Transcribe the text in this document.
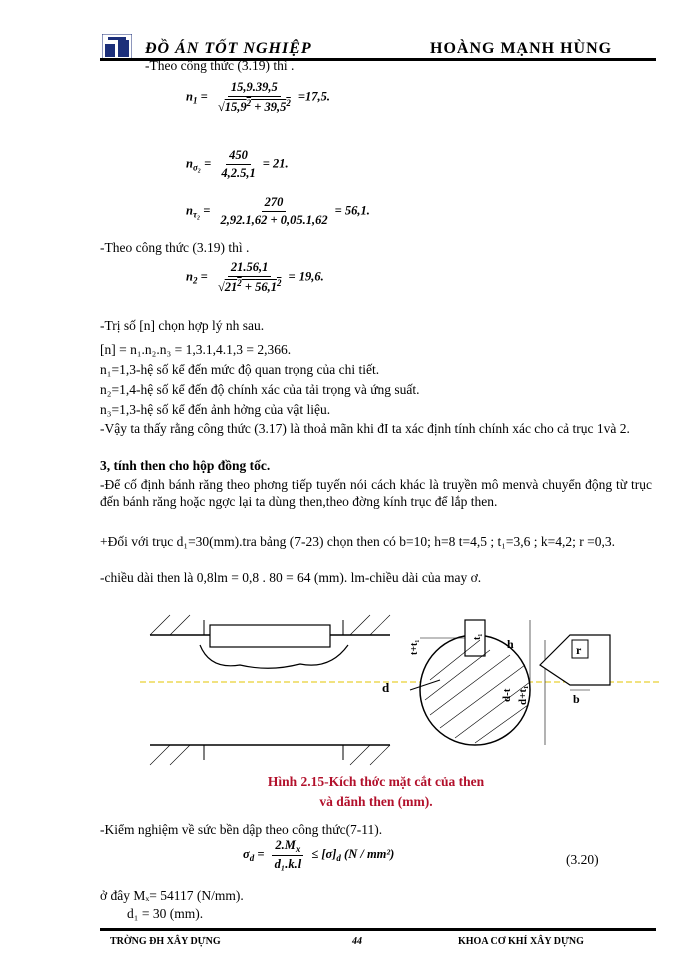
ĐỒ ÁN TỐT NGHIỆP	HOÀNG MẠNH HÙNG
-Theo công thức (3.19) thì .
$n_1 = \frac{15,9.39,5}{√15,9^2 + 39,5^2} =17,5$.
$n_{\sigma_2} = \frac{450}{4,2.5,1} = 21$.
$n_{\tau_2} = \frac{270}{2,92.1,62 + 0,05.1,62} = 56,1$.
-Theo công thức (3.19) thì .
$n_2 = \frac{21.56,1}{√21^2 + 56,1^2} = 19,6$.
-Trị số [n] chọn hợp lý nh sau.
[n] = n₁.n₂.n₃ = 1,3.1,4.1,3 = 2,366.
n₁=1,3-hệ số kể đến mức độ quan trọng của chi tiết.
n₂=1,4-hệ số kể đến độ chính xác của tải trọng và ứng suất.
n₃=1,3-hệ số kể đến ảnh hởng của vật liệu.
-Vậy ta thấy rằng công thức (3.17) là thoả mãn khi đI ta xác định tính chính xác cho cả trục 1và 2.
3, tính then cho hộp đồng tốc.
-Để cố định bánh răng theo phơng tiếp tuyến nói cách khác là truyền mô menvà chuyển động từ trục đến bánh răng hoặc ngợc lại ta dùng then,theo đờng kính trục để lắp then.
+Đối với trục d₁=30(mm).tra bảng (7-23) chọn then có b=10; h=8 t=4,5 ; t₁=3,6 ; k=4,2; r =0,3.
-chiều dài then là 0,8lm = 0,8 . 80 = 64 (mm). lm-chiều dài của may ơ.
d
t+t₁
t₁
h
d-t d+t₁
r
b
Hình 2.15-Kích thớc mặt cắt của then
và dãnh then (mm).
-Kiểm nghiệm về sức bền dập theo công thức(7-11).
$\sigma_d = \frac{2.M_x}{\text{d₁.k.l}} \le [\sigma]_d$ (N / mm²)	(3.20)
ở đây Mₓ= 54117 (N/mm).
d₁ = 30 (mm).
TRỜNG ĐH XÂY DỰNG	44	KHOA CƠ KHÍ XÂY DỰNG
